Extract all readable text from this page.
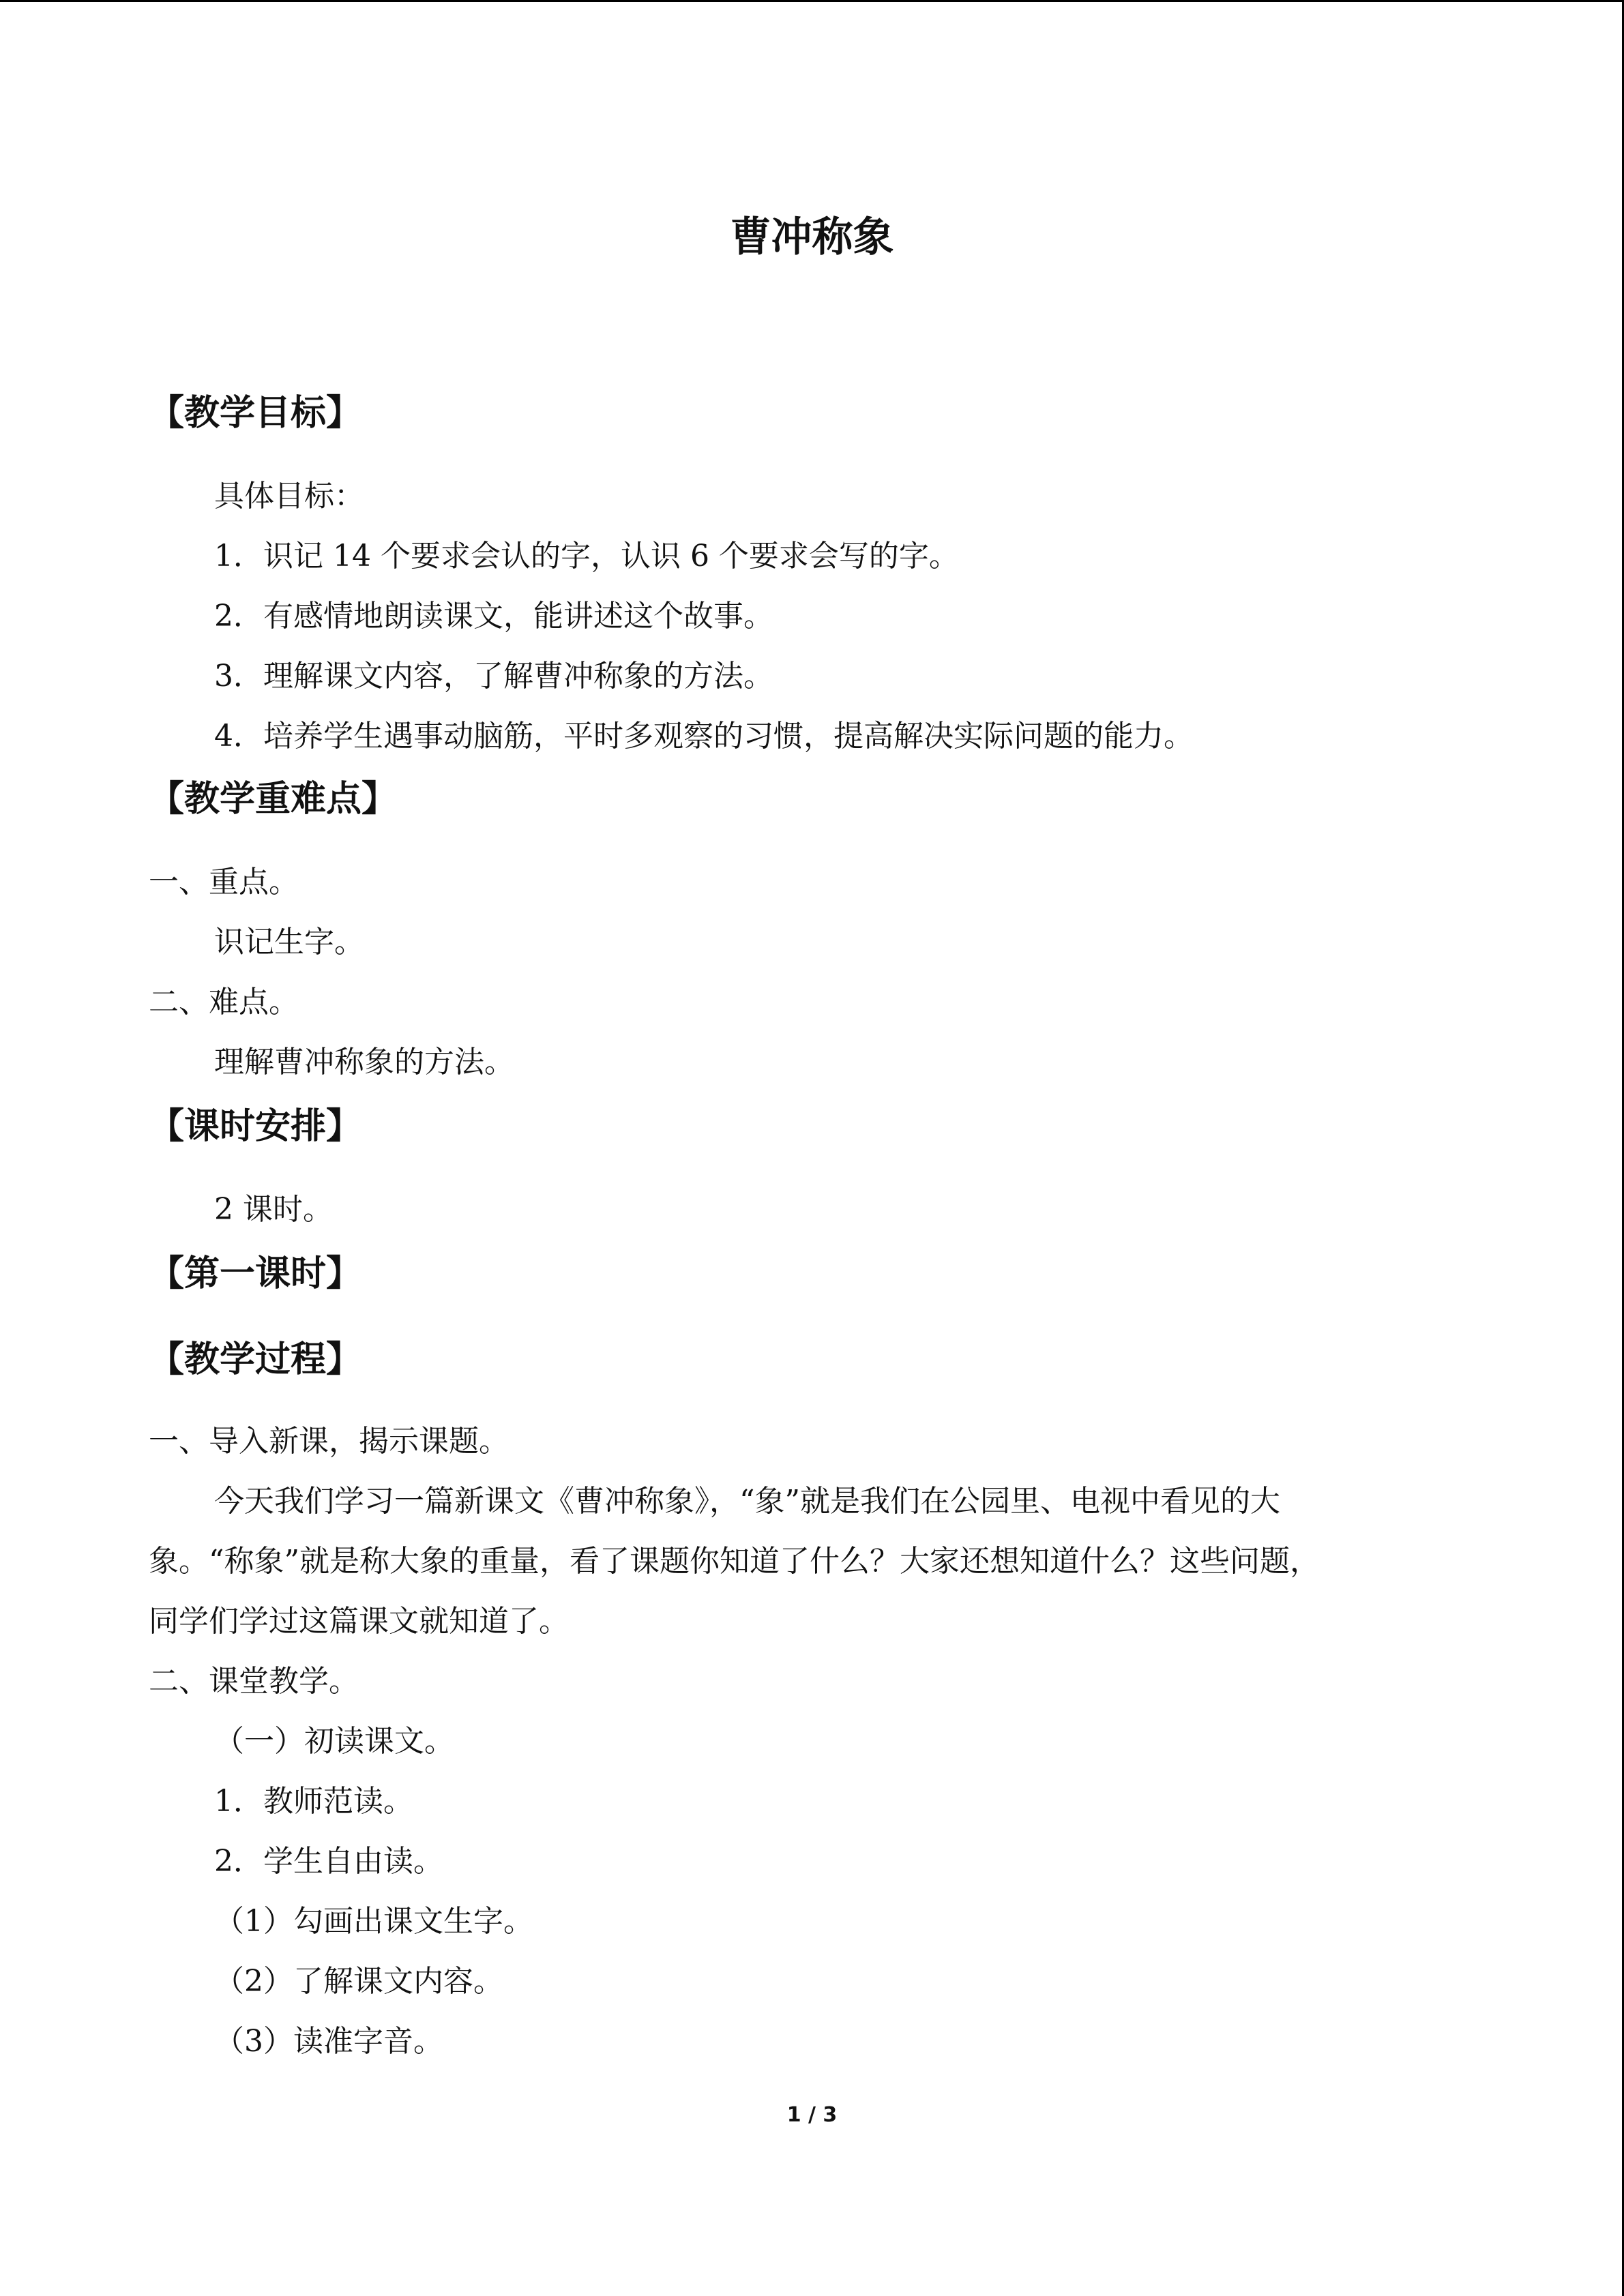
曹冲称象
【教学目标】
具体目标：
1．识记 14 个要求会认的字，认识 6 个要求会写的字。
2．有感情地朗读课文，能讲述这个故事。
3．理解课文内容，了解曹冲称象的方法。
4．培养学生遇事动脑筋，平时多观察的习惯，提高解决实际问题的能力。
【教学重难点】
一、重点。
识记生字。
二、难点。
理解曹冲称象的方法。
【课时安排】
2 课时。
【第一课时】
【教学过程】
一、导入新课，揭示课题。
今天我们学习一篇新课文《曹冲称象》，“象”就是我们在公园里、电视中看见的大
象。“称象”就是称大象的重量，看了课题你知道了什么？大家还想知道什么？这些问题，
同学们学过这篇课文就知道了。
二、课堂教学。
（一）初读课文。
1．教师范读。
2．学生自由读。
（1）勾画出课文生字。
（2）了解课文内容。
（3）读准字音。
1 / 3
